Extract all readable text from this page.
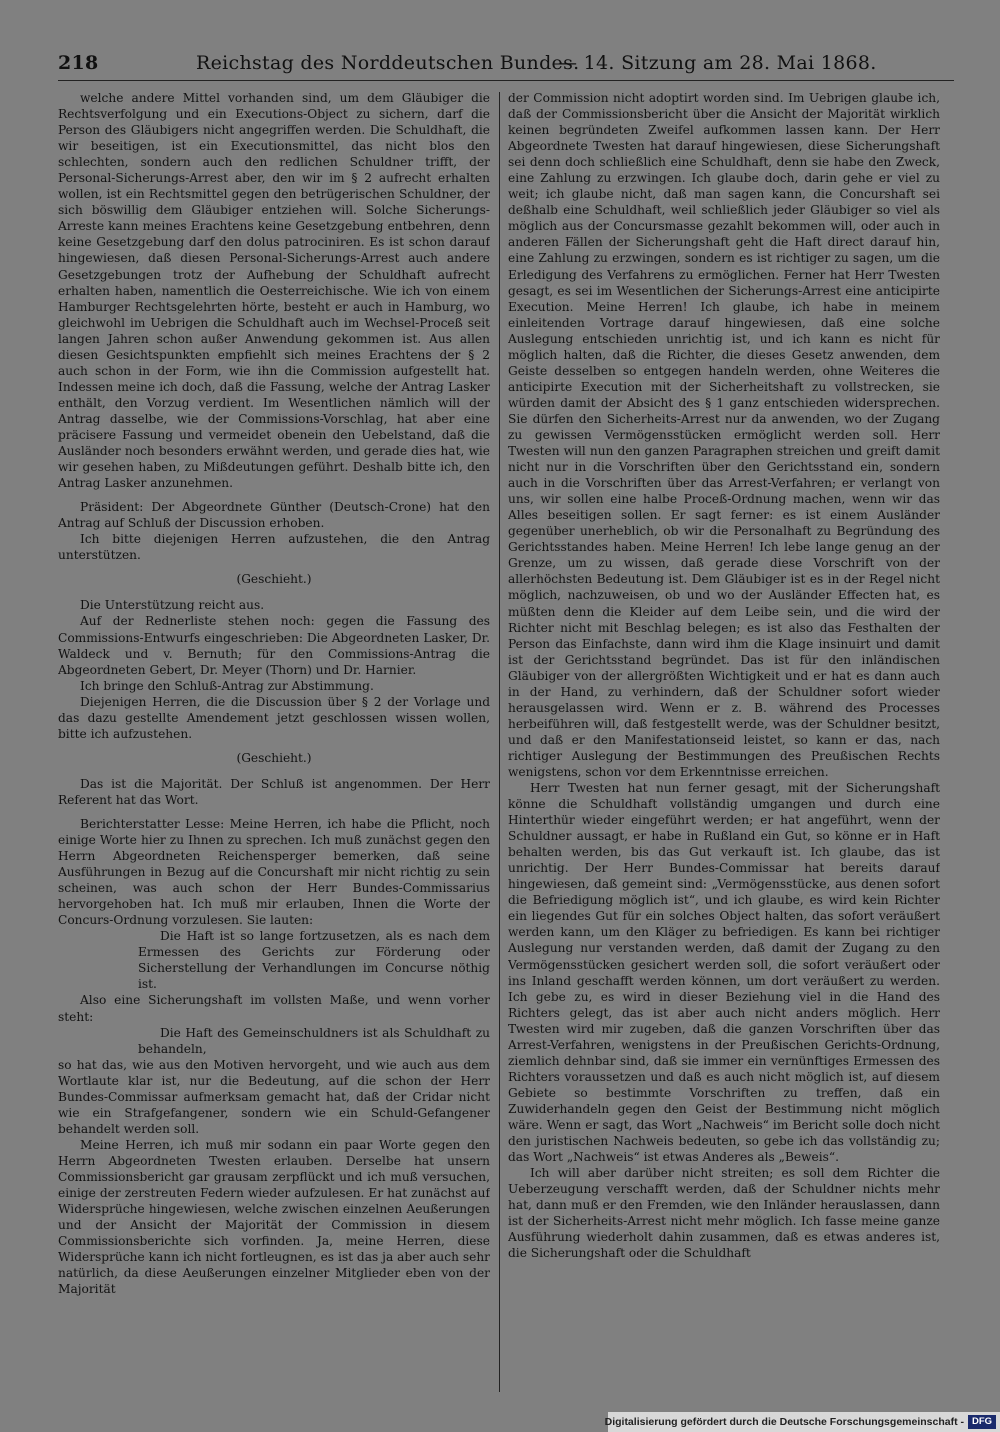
218	Reichstag des Norddeutschen Bundes.
— 14. Sitzung am 28. Mai 1868.

welche andere Mittel vorhanden sind, um dem Gläubiger die Rechtsverfolgung und ein Executions-Object zu sichern, darf die Person des Gläubigers nicht angegriffen werden. Die Schuldhaft, die wir beseitigen, ist ein Executionsmittel, das nicht blos den schlechten, sondern auch den redlichen Schuldner trifft, der Personal-Sicherungs-Arrest aber, den wir im § 2 aufrecht erhalten wollen, ist ein Rechtsmittel gegen den betrügerischen Schuldner, der sich böswillig dem Gläubiger entziehen will. Solche Sicherungs-Arreste kann meines Erachtens keine Gesetzgebung entbehren, denn keine Gesetzgebung darf den dolus patrociniren. Es ist schon darauf hingewiesen, daß diesen Personal-Sicherungs-Arrest auch andere Gesetzgebungen trotz der Aufhebung der Schuldhaft aufrecht erhalten haben, namentlich die Oesterreichische. Wie ich von einem Hamburger Rechtsgelehrten hörte, besteht er auch in Hamburg, wo gleichwohl im Uebrigen die Schuldhaft auch im Wechsel-Proceß seit langen Jahren schon außer Anwendung gekommen ist. Aus allen diesen Gesichtspunkten empfiehlt sich meines Erachtens der § 2 auch schon in der Form, wie ihn die Commission aufgestellt hat. Indessen meine ich doch, daß die Fassung, welche der Antrag Lasker enthält, den Vorzug verdient. Im Wesentlichen nämlich will der Antrag dasselbe, wie der Commissions-Vorschlag, hat aber eine präcisere Fassung und vermeidet obenein den Uebelstand, daß die Ausländer noch besonders erwähnt werden, und gerade dies hat, wie wir gesehen haben, zu Mißdeutungen geführt. Deshalb bitte ich, den Antrag Lasker anzunehmen.

Präsident: Der Abgeordnete Günther (Deutsch-Crone) hat den Antrag auf Schluß der Discussion erhoben.

Ich bitte diejenigen Herren aufzustehen, die den Antrag unterstützen.

(Geschieht.)

Die Unterstützung reicht aus.

Auf der Rednerliste stehen noch: gegen die Fassung des Commissions-Entwurfs eingeschrieben: Die Abgeordneten Lasker, Dr. Waldeck und v. Bernuth; für den Commissions-Antrag die Abgeordneten Gebert, Dr. Meyer (Thorn) und Dr. Harnier.

Ich bringe den Schluß-Antrag zur Abstimmung.

Diejenigen Herren, die die Discussion über § 2 der Vorlage und das dazu gestellte Amendement jetzt geschlossen wissen wollen, bitte ich aufzustehen.

(Geschieht.)

Das ist die Majorität. Der Schluß ist angenommen. Der Herr Referent hat das Wort.

Berichterstatter Lesse: Meine Herren, ich habe die Pflicht, noch einige Worte hier zu Ihnen zu sprechen. Ich muß zunächst gegen den Herrn Abgeordneten Reichensperger bemerken, daß seine Ausführungen in Bezug auf die Concurshaft mir nicht richtig zu sein scheinen, was auch schon der Herr Bundes-Commissarius hervorgehoben hat. Ich muß mir erlauben, Ihnen die Worte der Concurs-Ordnung vorzulesen. Sie lauten:

Die Haft ist so lange fortzusetzen, als es nach dem Ermessen des Gerichts zur Förderung oder Sicherstellung der Verhandlungen im Concurse nöthig ist.

Also eine Sicherungshaft im vollsten Maße, und wenn vorher steht:

Die Haft des Gemeinschuldners ist als Schuldhaft zu behandeln,

so hat das, wie aus den Motiven hervorgeht, und wie auch aus dem Wortlaute klar ist, nur die Bedeutung, auf die schon der Herr Bundes-Commissar aufmerksam gemacht hat, daß der Cridar nicht wie ein Strafgefangener, sondern wie ein Schuld-Gefangener behandelt werden soll.

Meine Herren, ich muß mir sodann ein paar Worte gegen den Herrn Abgeordneten Twesten erlauben. Derselbe hat unsern Commissionsbericht gar grausam zerpflückt und ich muß versuchen, einige der zerstreuten Federn wieder aufzulesen. Er hat zunächst auf Widersprüche hingewiesen, welche zwischen einzelnen Aeußerungen und der Ansicht der Majorität der Commission in diesem Commissionsberichte sich vorfinden. Ja, meine Herren, diese Widersprüche kann ich nicht fortleugnen, es ist das ja aber auch sehr natürlich, da diese Aeußerungen einzelner Mitglieder eben von der Majorität

der Commission nicht adoptirt worden sind. Im Uebrigen glaube ich, daß der Commissionsbericht über die Ansicht der Majorität wirklich keinen begründeten Zweifel aufkommen lassen kann. Der Herr Abgeordnete Twesten hat darauf hingewiesen, diese Sicherungshaft sei denn doch schließlich eine Schuldhaft, denn sie habe den Zweck, eine Zahlung zu erzwingen. Ich glaube doch, darin gehe er viel zu weit; ich glaube nicht, daß man sagen kann, die Concurshaft sei deßhalb eine Schuldhaft, weil schließlich jeder Gläubiger so viel als möglich aus der Concursmasse gezahlt bekommen will, oder auch in anderen Fällen der Sicherungshaft geht die Haft direct darauf hin, eine Zahlung zu erzwingen, sondern es ist richtiger zu sagen, um die Erledigung des Verfahrens zu ermöglichen. Ferner hat Herr Twesten gesagt, es sei im Wesentlichen der Sicherungs-Arrest eine anticipirte Execution. Meine Herren! Ich glaube, ich habe in meinem einleitenden Vortrage darauf hingewiesen, daß eine solche Auslegung entschieden unrichtig ist, und ich kann es nicht für möglich halten, daß die Richter, die dieses Gesetz anwenden, dem Geiste desselben so entgegen handeln werden, ohne Weiteres die anticipirte Execution mit der Sicherheitshaft zu vollstrecken, sie würden damit der Absicht des § 1 ganz entschieden widersprechen. Sie dürfen den Sicherheits-Arrest nur da anwenden, wo der Zugang zu gewissen Vermögensstücken ermöglicht werden soll. Herr Twesten will nun den ganzen Paragraphen streichen und greift damit nicht nur in die Vorschriften über den Gerichtsstand ein, sondern auch in die Vorschriften über das Arrest-Verfahren; er verlangt von uns, wir sollen eine halbe Proceß-Ordnung machen, wenn wir das Alles beseitigen sollen. Er sagt ferner: es ist einem Ausländer gegenüber unerheblich, ob wir die Personalhaft zu Begründung des Gerichtsstandes haben. Meine Herren! Ich lebe lange genug an der Grenze, um zu wissen, daß gerade diese Vorschrift von der allerhöchsten Bedeutung ist. Dem Gläubiger ist es in der Regel nicht möglich, nachzuweisen, ob und wo der Ausländer Effecten hat, es müßten denn die Kleider auf dem Leibe sein, und die wird der Richter nicht mit Beschlag belegen; es ist also das Festhalten der Person das Einfachste, dann wird ihm die Klage insinuirt und damit ist der Gerichtsstand begründet. Das ist für den inländischen Gläubiger von der allergrößten Wichtigkeit und er hat es dann auch in der Hand, zu verhindern, daß der Schuldner sofort wieder herausgelassen wird. Wenn er z. B. während des Processes herbeiführen will, daß festgestellt werde, was der Schuldner besitzt, und daß er den Manifestationseid leistet, so kann er das, nach richtiger Auslegung der Bestimmungen des Preußischen Rechts wenigstens, schon vor dem Erkenntnisse erreichen.

Herr Twesten hat nun ferner gesagt, mit der Sicherungshaft könne die Schuldhaft vollständig umgangen und durch eine Hinterthür wieder eingeführt werden; er hat angeführt, wenn der Schuldner aussagt, er habe in Rußland ein Gut, so könne er in Haft behalten werden, bis das Gut verkauft ist. Ich glaube, das ist unrichtig. Der Herr Bundes-Commissar hat bereits darauf hingewiesen, daß gemeint sind: „Vermögensstücke, aus denen sofort die Befriedigung möglich ist“, und ich glaube, es wird kein Richter ein liegendes Gut für ein solches Object halten, das sofort veräußert werden kann, um den Kläger zu befriedigen. Es kann bei richtiger Auslegung nur verstanden werden, daß damit der Zugang zu den Vermögensstücken gesichert werden soll, die sofort veräußert oder ins Inland geschafft werden können, um dort veräußert zu werden. Ich gebe zu, es wird in dieser Beziehung viel in die Hand des Richters gelegt, das ist aber auch nicht anders möglich. Herr Twesten wird mir zugeben, daß die ganzen Vorschriften über das Arrest-Verfahren, wenigstens in der Preußischen Gerichts-Ordnung, ziemlich dehnbar sind, daß sie immer ein vernünftiges Ermessen des Richters voraussetzen und daß es auch nicht möglich ist, auf diesem Gebiete so bestimmte Vorschriften zu treffen, daß ein Zuwiderhandeln gegen den Geist der Bestimmung nicht möglich wäre. Wenn er sagt, das Wort „Nachweis“ im Bericht solle doch nicht den juristischen Nachweis bedeuten, so gebe ich das vollständig zu; das Wort „Nachweis“ ist etwas Anderes als „Beweis“.

Ich will aber darüber nicht streiten; es soll dem Richter die Ueberzeugung verschafft werden, daß der Schuldner nichts mehr hat, dann muß er den Fremden, wie den Inländer herauslassen, dann ist der Sicherheits-Arrest nicht mehr möglich. Ich fasse meine ganze Ausführung wiederholt dahin zusammen, daß es etwas anderes ist, die Sicherungshaft oder die Schuldhaft

Digitalisierung gefördert durch die Deutsche Forschungsgemeinschaft - DFG
